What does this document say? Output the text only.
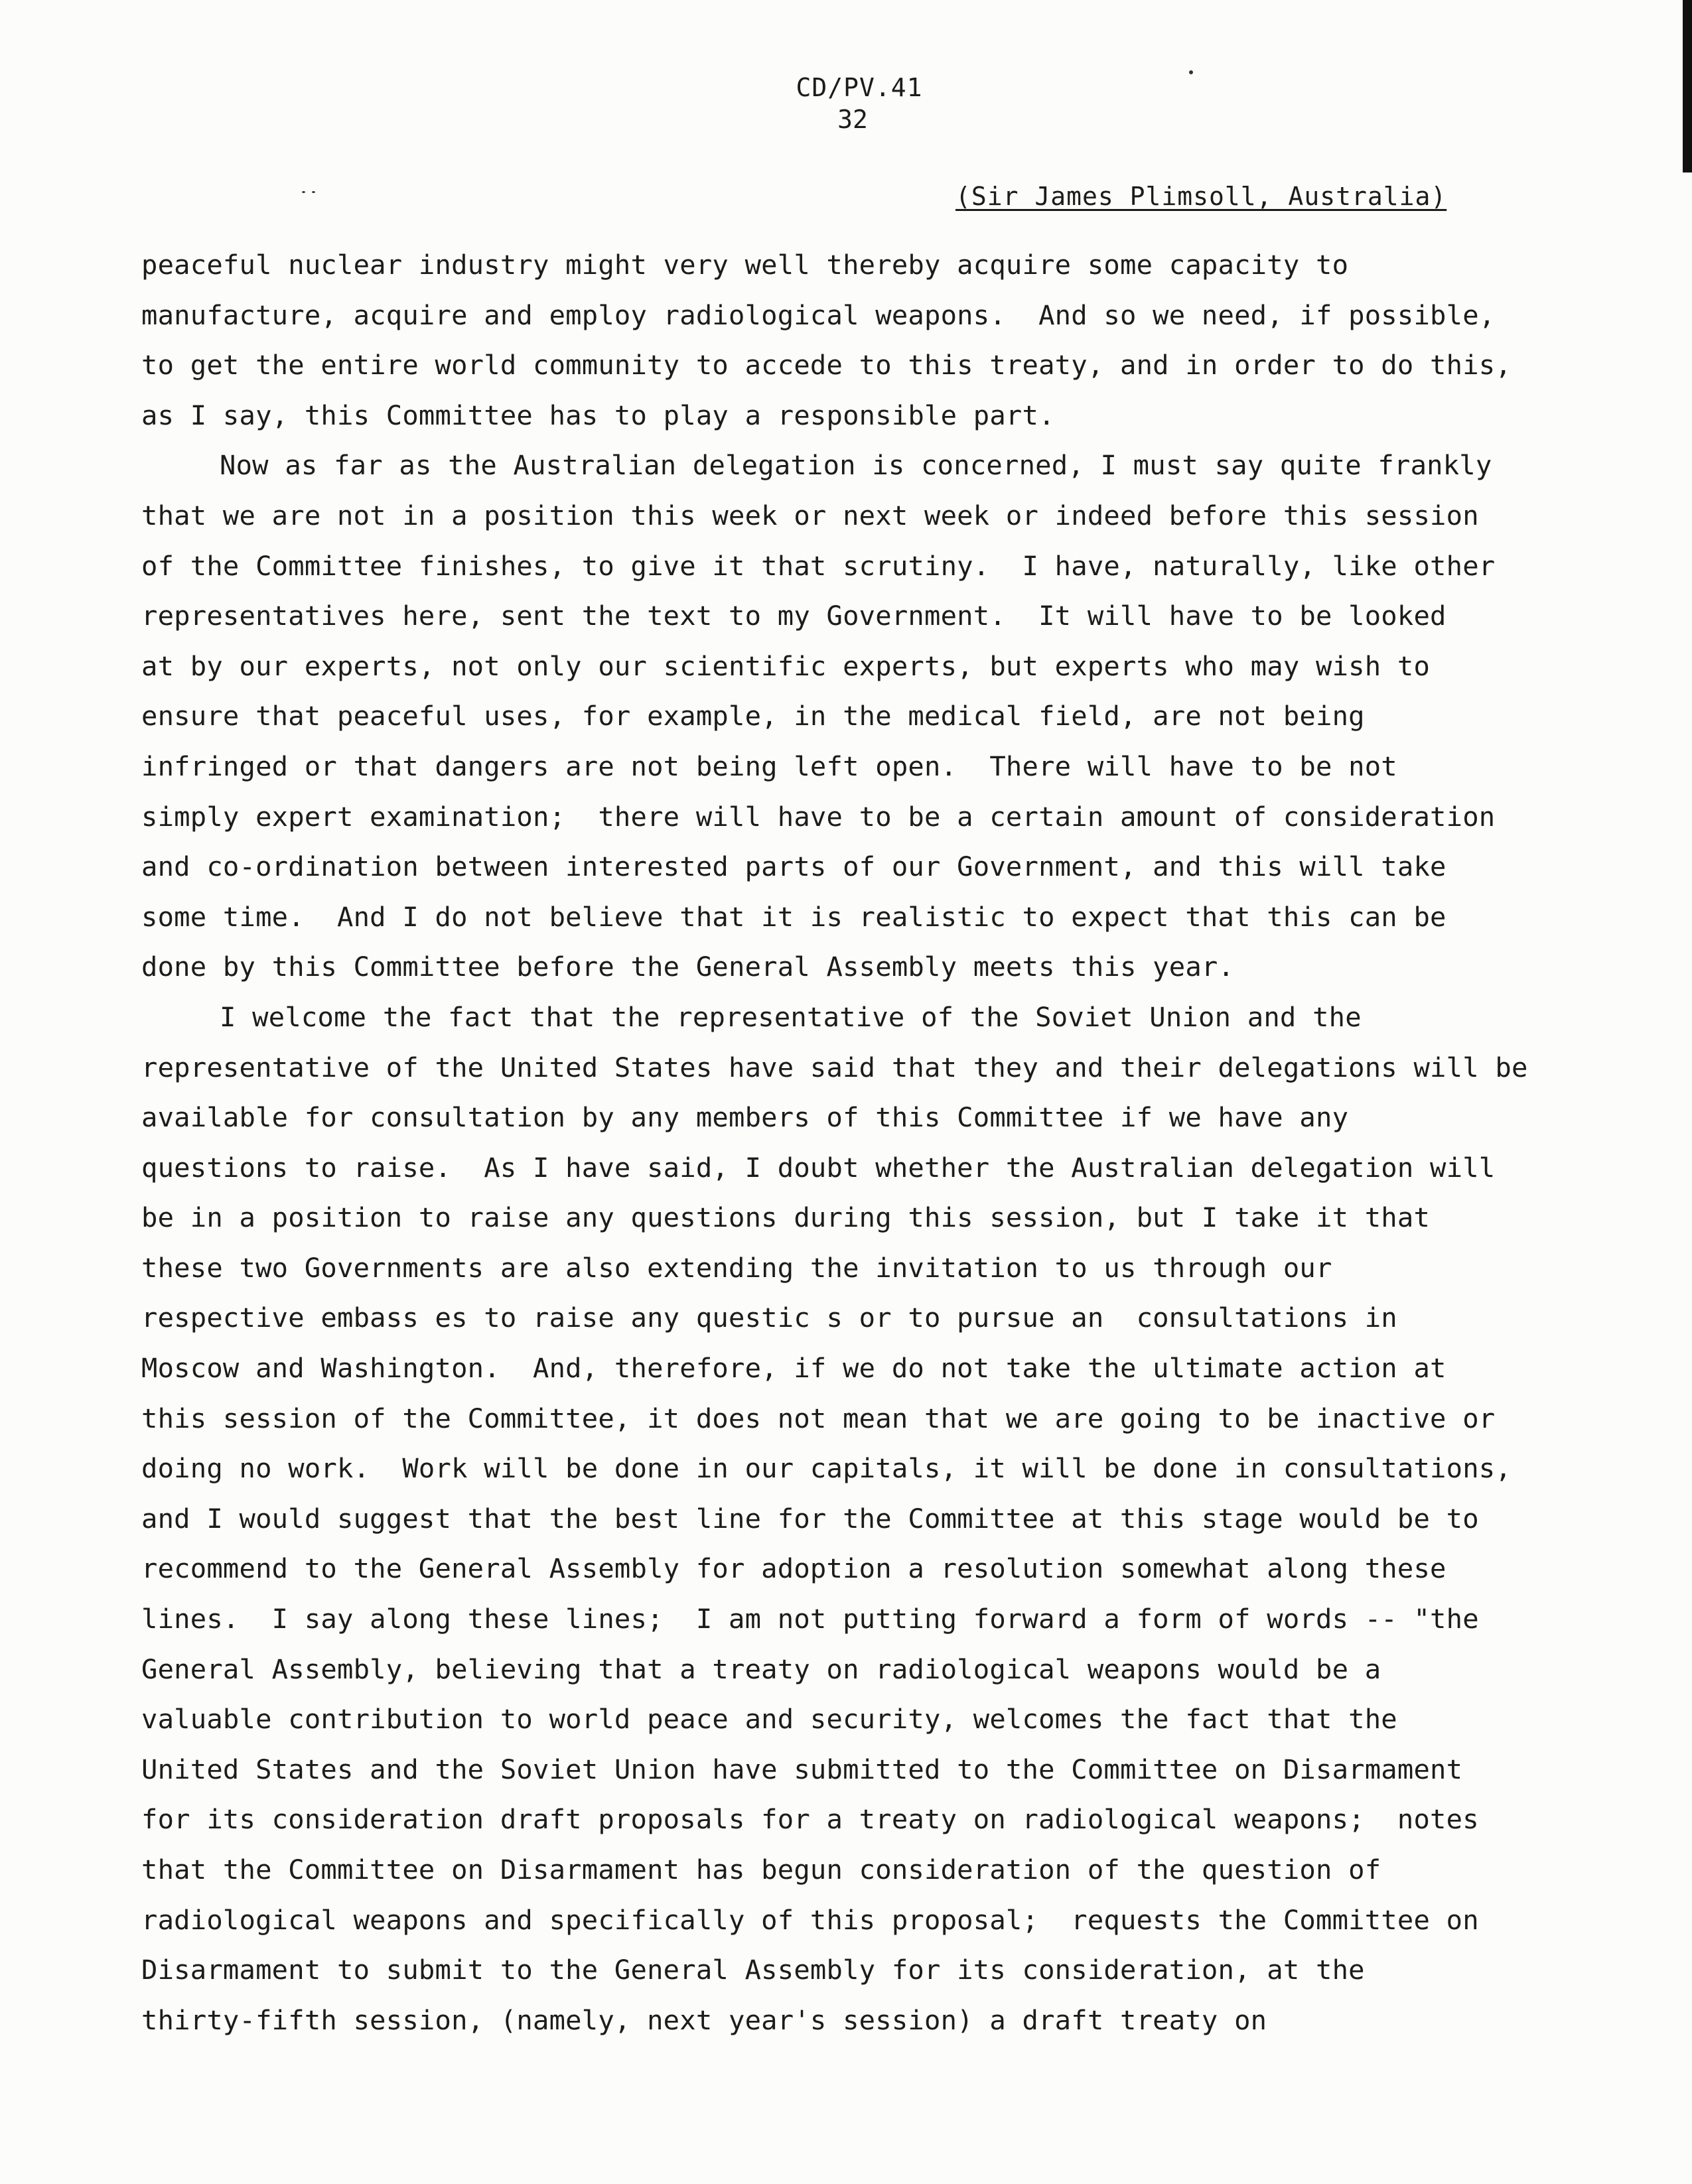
CD/PV.41
32
(Sir James Plimsoll, Australia)
peaceful nuclear industry might very well thereby acquire some capacity to
manufacture, acquire and employ radiological weapons.  And so we need, if possible,
to get the entire world community to accede to this treaty, and in order to do this,
as I say, this Committee has to play a responsible part.
Now as far as the Australian delegation is concerned, I must say quite frankly
that we are not in a position this week or next week or indeed before this session
of the Committee finishes, to give it that scrutiny.  I have, naturally, like other
representatives here, sent the text to my Government.  It will have to be looked
at by our experts, not only our scientific experts, but experts who may wish to
ensure that peaceful uses, for example, in the medical field, are not being
infringed or that dangers are not being left open.  There will have to be not
simply expert examination;  there will have to be a certain amount of consideration
and co-ordination between interested parts of our Government, and this will take
some time.  And I do not believe that it is realistic to expect that this can be
done by this Committee before the General Assembly meets this year.
I welcome the fact that the representative of the Soviet Union and the
representative of the United States have said that they and their delegations will be
available for consultation by any members of this Committee if we have any
questions to raise.  As I have said, I doubt whether the Australian delegation will
be in a position to raise any questions during this session, but I take it that
these two Governments are also extending the invitation to us through our
respective embass es to raise any questic s or to pursue an  consultations in
Moscow and Washington.  And, therefore, if we do not take the ultimate action at
this session of the Committee, it does not mean that we are going to be inactive or
doing no work.  Work will be done in our capitals, it will be done in consultations,
and I would suggest that the best line for the Committee at this stage would be to
recommend to the General Assembly for adoption a resolution somewhat along these
lines.  I say along these lines;  I am not putting forward a form of words -- "the
General Assembly, believing that a treaty on radiological weapons would be a
valuable contribution to world peace and security, welcomes the fact that the
United States and the Soviet Union have submitted to the Committee on Disarmament
for its consideration draft proposals for a treaty on radiological weapons;  notes
that the Committee on Disarmament has begun consideration of the question of
radiological weapons and specifically of this proposal;  requests the Committee on
Disarmament to submit to the General Assembly for its consideration, at the
thirty-fifth session, (namely, next year's session) a draft treaty on
